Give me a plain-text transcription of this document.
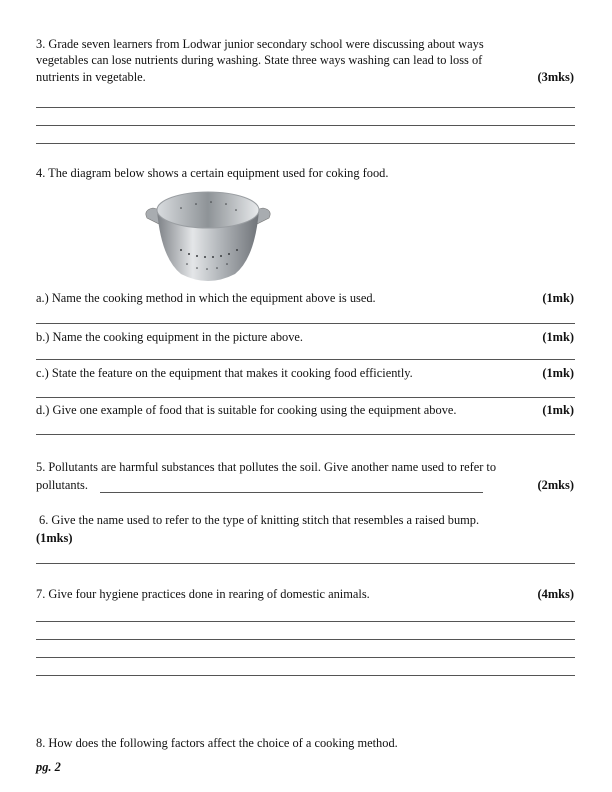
3. Grade seven learners from Lodwar junior secondary school were discussing about ways
vegetables can lose nutrients during washing. State three ways washing can lead to loss of
nutrients in vegetable.	(3mks)
4. The diagram below shows a certain equipment used for coking food.
a.) Name the cooking method in which the equipment above is used.	(1mk)
b.) Name the cooking equipment in the picture above.	(1mk)
c.) State the feature on the equipment that makes it cooking food efficiently.	(1mk)
d.) Give one example of food that is suitable for cooking using the equipment above.	(1mk)
5. Pollutants are harmful substances that pollutes the soil. Give another name used to refer to
pollutants.	(2mks)
6. Give the name used to refer to the type of knitting stitch that resembles a raised bump.
(1mks)
7. Give four hygiene practices done in rearing of domestic animals.	(4mks)
8. How does the following factors affect the choice of a cooking method.
pg. 2
